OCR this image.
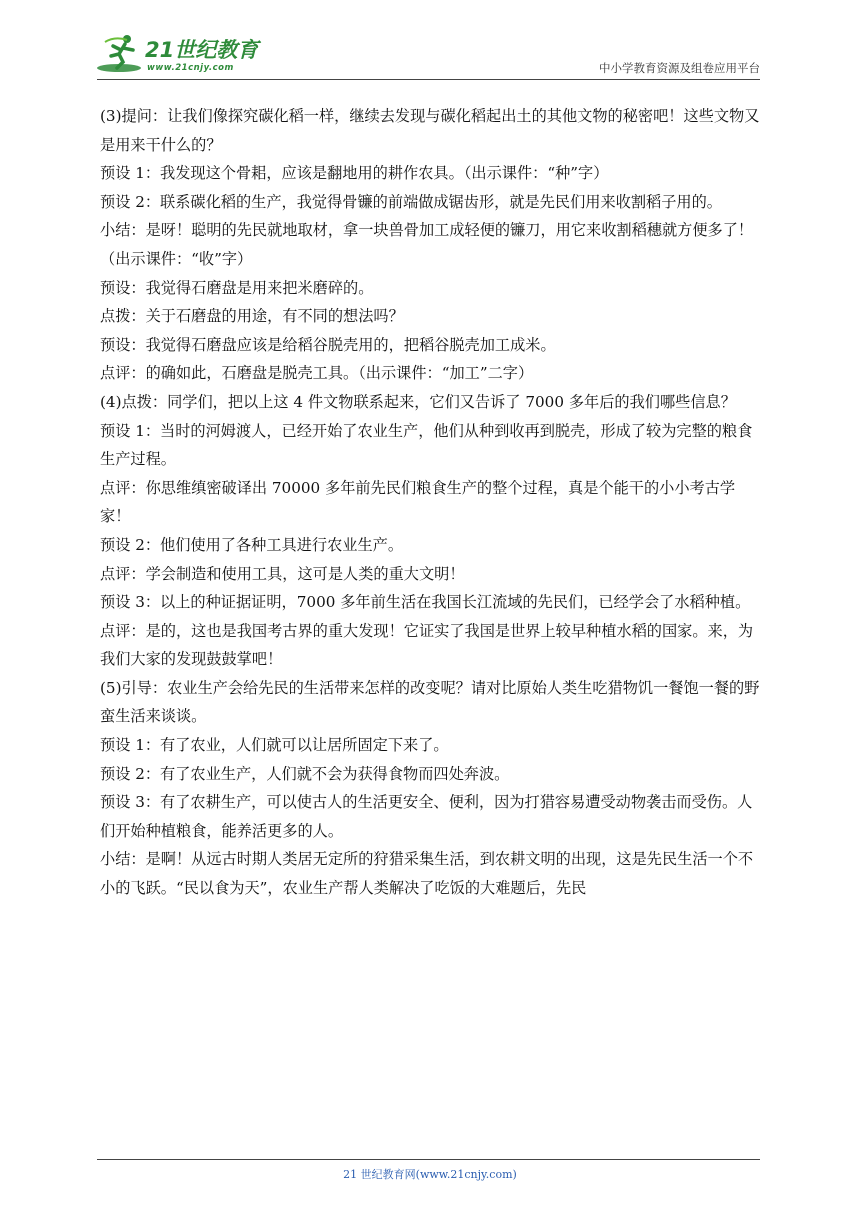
21世纪教育
www.21cnjy.com	中小学教育资源及组卷应用平台

(3)提问：让我们像探究碳化稻一样，继续去发现与碳化稻起出土的其他文物的秘密吧！这些文物又是用来干什么的？

预设 1：我发现这个骨耜，应该是翻地用的耕作农具。（出示课件：“种”字）

预设 2：联系碳化稻的生产，我觉得骨镰的前端做成锯齿形，就是先民们用来收割稻子用的。

小结：是呀！聪明的先民就地取材，拿一块兽骨加工成轻便的镰刀，用它来收割稻穗就方便多了！ （出示课件：“收”字）

预设：我觉得石磨盘是用来把米磨碎的。

点拨：关于石磨盘的用途，有不同的想法吗？

预设：我觉得石磨盘应该是给稻谷脱壳用的，把稻谷脱壳加工成米。

点评：的确如此，石磨盘是脱壳工具。（出示课件：“加工”二字）

(4)点拨：同学们，把以上这 4 件文物联系起来，它们又告诉了 7000 多年后的我们哪些信息？

预设 1：当时的河姆渡人，已经开始了农业生产，他们从种到收再到脱壳，形成了较为完整的粮食生产过程。

点评：你思维缜密破译出 70000 多年前先民们粮食生产的整个过程，真是个能干的小小考古学家！

预设 2：他们使用了各种工具进行农业生产。

点评：学会制造和使用工具，这可是人类的重大文明！

预设 3：以上的种证据证明，7000 多年前生活在我国长江流域的先民们，已经学会了水稻种植。

点评：是的，这也是我国考古界的重大发现！它证实了我国是世界上较早种植水稻的国家。来，为我们大家的发现鼓鼓掌吧！

(5)引导：农业生产会给先民的生活带来怎样的改变呢？请对比原始人类生吃猎物饥一餐饱一餐的野蛮生活来谈谈。

预设 1：有了农业，人们就可以让居所固定下来了。

预设 2：有了农业生产，人们就不会为获得食物而四处奔波。

预设 3：有了农耕生产，可以使古人的生活更安全、便利，因为打猎容易遭受动物袭击而受伤。人们开始种植粮食，能养活更多的人。

小结：是啊！从远古时期人类居无定所的狩猎采集生活，到农耕文明的出现，这是先民生活一个不小的飞跃。“民以食为天”，农业生产帮人类解决了吃饭的大难题后，先民

21 世纪教育网(www.21cnjy.com)
